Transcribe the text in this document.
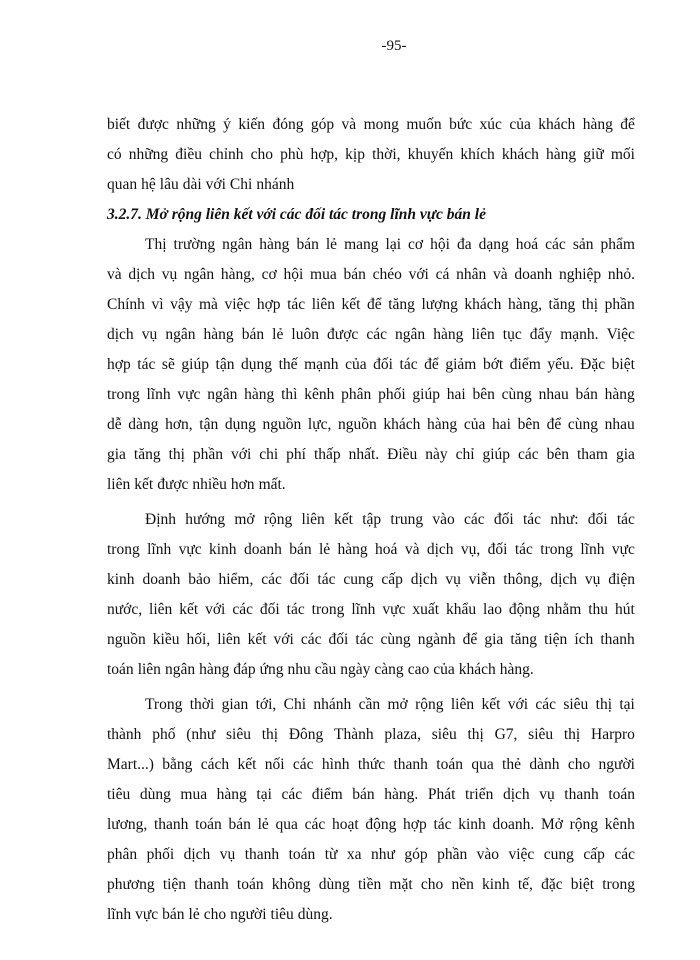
-95-
biết được những ý kiến đóng góp và mong muốn bức xúc của khách hàng để
có những điều chỉnh cho phù hợp, kịp thời, khuyến khích khách hàng giữ mối
quan hệ lâu dài với Chi nhánh
3.2.7. Mở rộng liên kết với các đối tác trong lĩnh vực bán lẻ
Thị trường ngân hàng bán lẻ mang lại cơ hội đa dạng hoá các sản phẩm
và dịch vụ ngân hàng, cơ hội mua bán chéo với cá nhân và doanh nghiệp nhỏ.
Chính vì vậy mà việc hợp tác liên kết để tăng lượng khách hàng, tăng thị phần
dịch vụ ngân hàng bán lẻ luôn được các ngân hàng liên tục đẩy mạnh. Việc
hợp tác sẽ giúp tận dụng thế mạnh của đối tác để giảm bớt điểm yếu. Đặc biệt
trong lĩnh vực ngân hàng thì kênh phân phối giúp hai bên cùng nhau bán hàng
dễ dàng hơn, tận dụng nguồn lực, nguồn khách hàng của hai bên để cùng nhau
gia tăng thị phần với chi phí thấp nhất. Điều này chỉ giúp các bên tham gia
liên kết được nhiều hơn mất.
Định hướng mở rộng liên kết tập trung vào các đối tác như: đối tác
trong lĩnh vực kinh doanh bán lẻ hàng hoá và dịch vụ, đối tác trong lĩnh vực
kinh doanh bảo hiểm, các đối tác cung cấp dịch vụ viễn thông, dịch vụ điện
nước, liên kết với các đối tác trong lĩnh vực xuất khẩu lao động nhằm thu hút
nguồn kiều hối, liên kết với các đối tác cùng ngành để gia tăng tiện ích thanh
toán liên ngân hàng đáp ứng nhu cầu ngày càng cao của khách hàng.
Trong thời gian tới, Chi nhánh cần mở rộng liên kết với các siêu thị tại
thành phố (như siêu thị Đông Thành plaza, siêu thị G7, siêu thị Harpro
Mart...) bằng cách kết nối các hình thức thanh toán qua thẻ dành cho người
tiêu dùng mua hàng tại các điểm bán hàng. Phát triển dịch vụ thanh toán
lương, thanh toán bán lẻ qua các hoạt động hợp tác kinh doanh. Mở rộng kênh
phân phối dịch vụ thanh toán từ xa như góp phần vào việc cung cấp các
phương tiện thanh toán không dùng tiền mặt cho nền kinh tế, đặc biệt trong
lĩnh vực bán lẻ cho người tiêu dùng.
